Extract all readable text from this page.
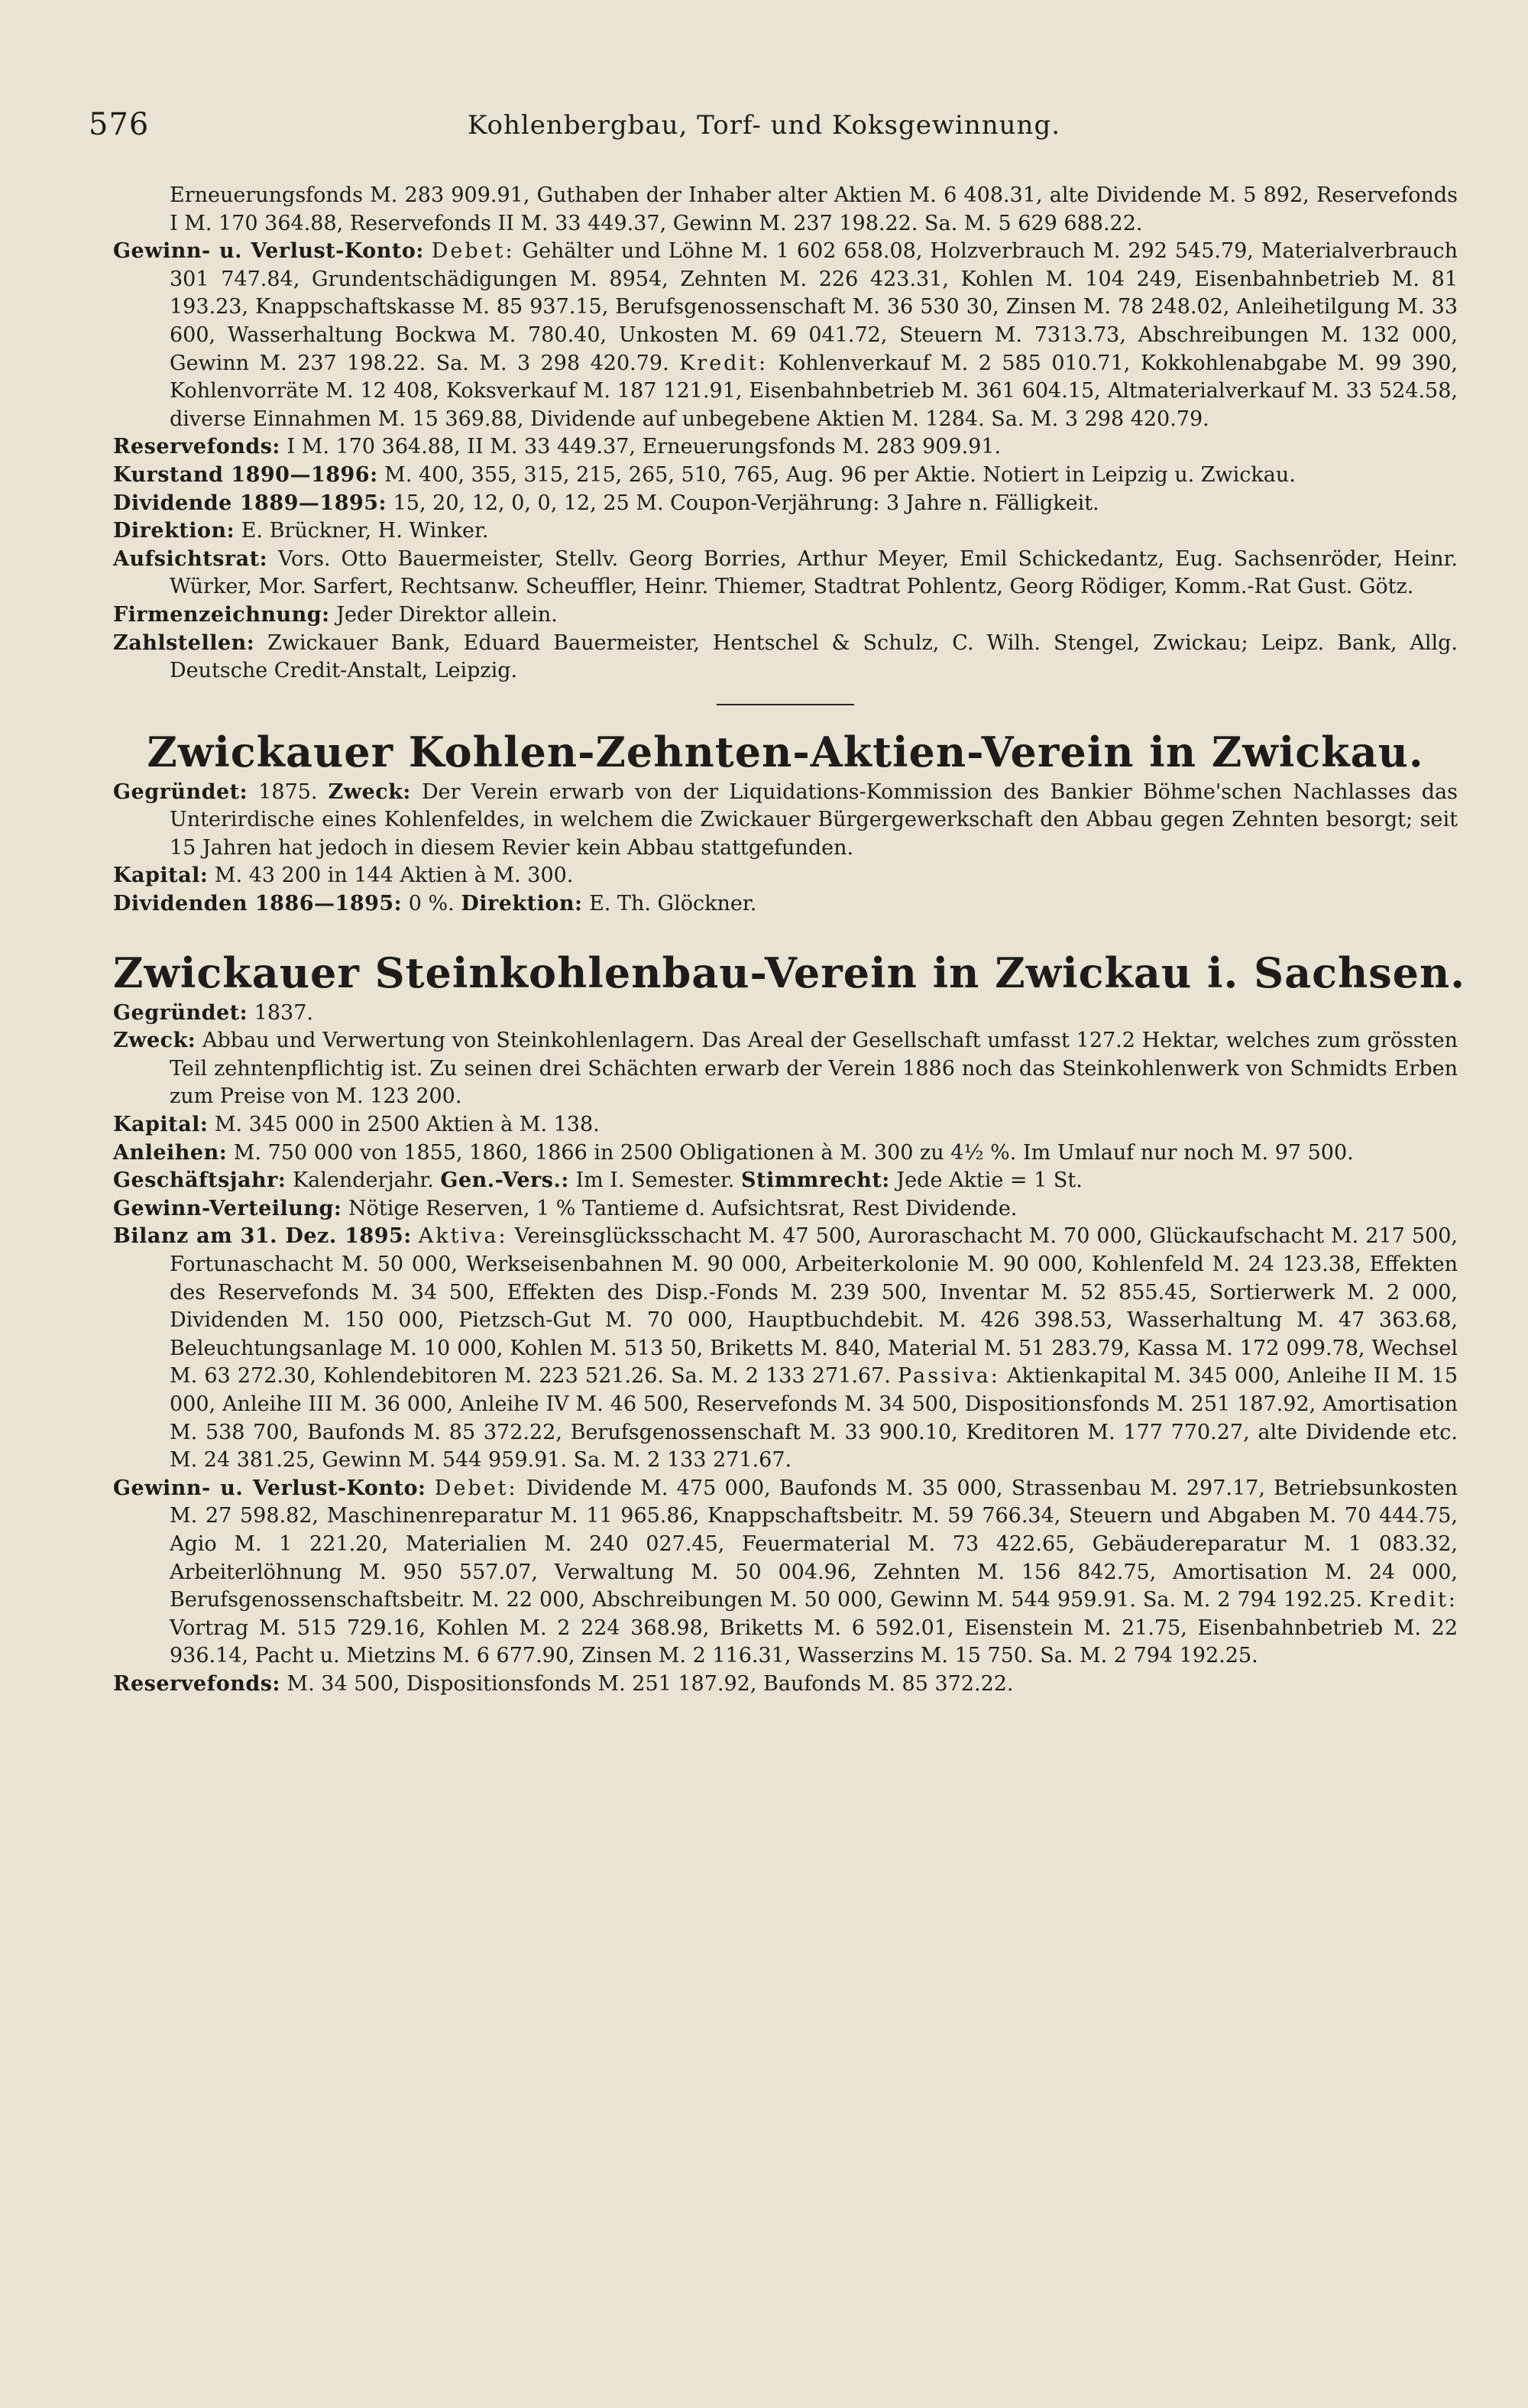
576	Kohlenbergbau, Torf- und Koksgewinnung.

Erneuerungsfonds M. 283 909.91, Guthaben der Inhaber alter Aktien M. 6 408.31, alte Dividende M. 5 892, Reservefonds I M. 170 364.88, Reservefonds II M. 33 449.37, Gewinn M. 237 198.22. Sa. M. 5 629 688.22.

Gewinn- u. Verlust-Konto: Debet: Gehälter und Löhne M. 1 602 658.08, Holzverbrauch M. 292 545.79, Materialverbrauch 301 747.84, Grundentschädigungen M. 8954, Zehnten M. 226 423.31, Kohlen M. 104 249, Eisenbahnbetrieb M. 81 193.23, Knappschaftskasse M. 85 937.15, Berufsgenossenschaft M. 36 530 30, Zinsen M. 78 248.02, Anleihetilgung M. 33 600, Wasserhaltung Bockwa M. 780.40, Unkosten M. 69 041.72, Steuern M. 7313.73, Abschreibungen M. 132 000, Gewinn M. 237 198.22. Sa. M. 3 298 420.79. Kredit: Kohlenverkauf M. 2 585 010.71, Kokkohlenabgabe M. 99 390, Kohlenvorräte M. 12 408, Koksverkauf M. 187 121.91, Eisenbahnbetrieb M. 361 604.15, Altmaterialverkauf M. 33 524.58, diverse Einnahmen M. 15 369.88, Dividende auf unbegebene Aktien M. 1284. Sa. M. 3 298 420.79.

Reservefonds: I M. 170 364.88, II M. 33 449.37, Erneuerungsfonds M. 283 909.91.

Kurstand 1890—1896: M. 400, 355, 315, 215, 265, 510, 765, Aug. 96 per Aktie. Notiert in Leipzig u. Zwickau.

Dividende 1889—1895: 15, 20, 12, 0, 0, 12, 25 M. Coupon-Verjährung: 3 Jahre n. Fälligkeit.

Direktion: E. Brückner, H. Winker.

Aufsichtsrat: Vors. Otto Bauermeister, Stellv. Georg Borries, Arthur Meyer, Emil Schickedantz, Eug. Sachsenröder, Heinr. Würker, Mor. Sarfert, Rechtsanw. Scheuffler, Heinr. Thiemer, Stadtrat Pohlentz, Georg Rödiger, Komm.-Rat Gust. Götz.

Firmenzeichnung: Jeder Direktor allein.

Zahlstellen: Zwickauer Bank, Eduard Bauermeister, Hentschel & Schulz, C. Wilh. Stengel, Zwickau; Leipz. Bank, Allg. Deutsche Credit-Anstalt, Leipzig.

Zwickauer Kohlen-Zehnten-Aktien-Verein in Zwickau.

Gegründet: 1875. Zweck: Der Verein erwarb von der Liquidations-Kommission des Bankier Böhme'schen Nachlasses das Unterirdische eines Kohlenfeldes, in welchem die Zwickauer Bürgergewerkschaft den Abbau gegen Zehnten besorgt; seit 15 Jahren hat jedoch in diesem Revier kein Abbau stattgefunden.

Kapital: M. 43 200 in 144 Aktien à M. 300.

Dividenden 1886—1895: 0 %. Direktion: E. Th. Glöckner.

Zwickauer Steinkohlenbau-Verein in Zwickau i. Sachsen.

Gegründet: 1837.

Zweck: Abbau und Verwertung von Steinkohlenlagern. Das Areal der Gesellschaft umfasst 127.2 Hektar, welches zum grössten Teil zehntenpflichtig ist. Zu seinen drei Schächten erwarb der Verein 1886 noch das Steinkohlenwerk von Schmidts Erben zum Preise von M. 123 200.

Kapital: M. 345 000 in 2500 Aktien à M. 138.

Anleihen: M. 750 000 von 1855, 1860, 1866 in 2500 Obligationen à M. 300 zu 4½ %. Im Umlauf nur noch M. 97 500.

Geschäftsjahr: Kalenderjahr. Gen.-Vers.: Im I. Semester. Stimmrecht: Jede Aktie = 1 St.

Gewinn-Verteilung: Nötige Reserven, 1 % Tantieme d. Aufsichtsrat, Rest Dividende.

Bilanz am 31. Dez. 1895: Aktiva: Vereinsglücksschacht M. 47 500, Auroraschacht M. 70 000, Glückaufschacht M. 217 500, Fortunaschacht M. 50 000, Werkseisenbahnen M. 90 000, Arbeiterkolonie M. 90 000, Kohlenfeld M. 24 123.38, Effekten des Reservefonds M. 34 500, Effekten des Disp.-Fonds M. 239 500, Inventar M. 52 855.45, Sortierwerk M. 2 000, Dividenden M. 150 000, Pietzsch-Gut M. 70 000, Hauptbuchdebit. M. 426 398.53, Wasserhaltung M. 47 363.68, Beleuchtungsanlage M. 10 000, Kohlen M. 513 50, Briketts M. 840, Material M. 51 283.79, Kassa M. 172 099.78, Wechsel M. 63 272.30, Kohlendebitoren M. 223 521.26. Sa. M. 2 133 271.67. Passiva: Aktienkapital M. 345 000, Anleihe II M. 15 000, Anleihe III M. 36 000, Anleihe IV M. 46 500, Reservefonds M. 34 500, Dispositionsfonds M. 251 187.92, Amortisation M. 538 700, Baufonds M. 85 372.22, Berufsgenossenschaft M. 33 900.10, Kreditoren M. 177 770.27, alte Dividende etc. M. 24 381.25, Gewinn M. 544 959.91. Sa. M. 2 133 271.67.

Gewinn- u. Verlust-Konto: Debet: Dividende M. 475 000, Baufonds M. 35 000, Strassenbau M. 297.17, Betriebsunkosten M. 27 598.82, Maschinenreparatur M. 11 965.86, Knappschaftsbeitr. M. 59 766.34, Steuern und Abgaben M. 70 444.75, Agio M. 1 221.20, Materialien M. 240 027.45, Feuermaterial M. 73 422.65, Gebäudereparatur M. 1 083.32, Arbeiterlöhnung M. 950 557.07, Verwaltung M. 50 004.96, Zehnten M. 156 842.75, Amortisation M. 24 000, Berufsgenossenschaftsbeitr. M. 22 000, Abschreibungen M. 50 000, Gewinn M. 544 959.91. Sa. M. 2 794 192.25. Kredit: Vortrag M. 515 729.16, Kohlen M. 2 224 368.98, Briketts M. 6 592.01, Eisenstein M. 21.75, Eisenbahnbetrieb M. 22 936.14, Pacht u. Mietzins M. 6 677.90, Zinsen M. 2 116.31, Wasserzins M. 15 750. Sa. M. 2 794 192.25.

Reservefonds: M. 34 500, Dispositionsfonds M. 251 187.92, Baufonds M. 85 372.22.
